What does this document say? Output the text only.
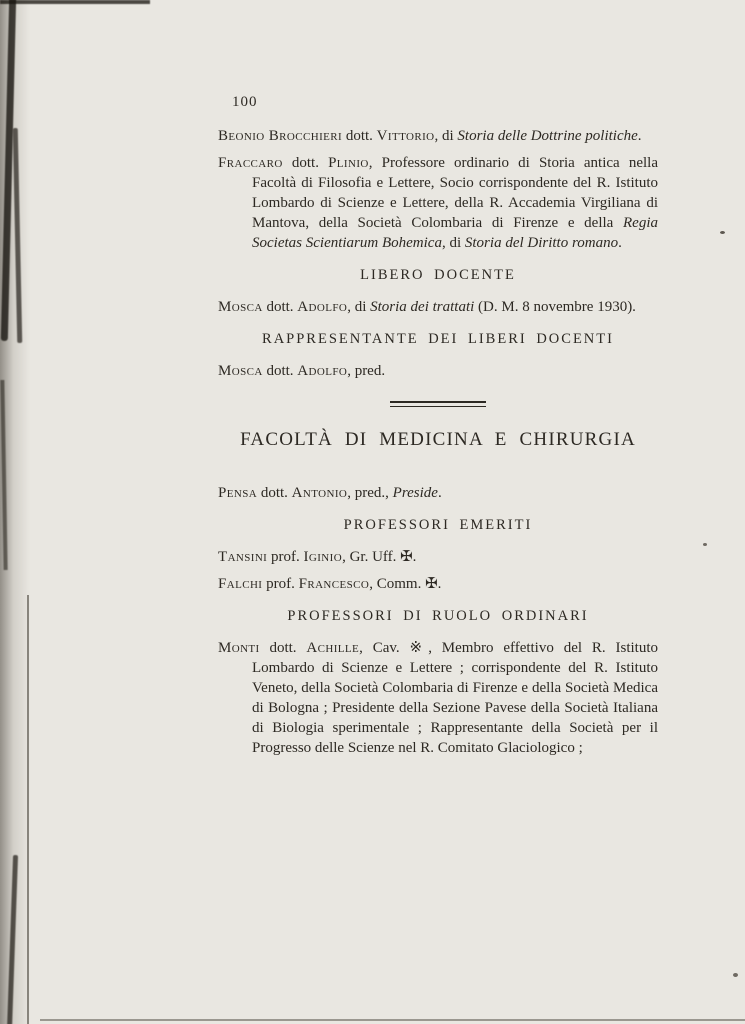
100

Beonio Brocchieri dott. Vittorio, di Storia delle Dottrine politiche.

Fraccaro dott. Plinio, Professore ordinario di Storia antica nella Facoltà di Filosofia e Lettere, Socio corrispondente del R. Istituto Lombardo di Scienze e Lettere, della R. Accademia Virgiliana di Mantova, della Società Colombaria di Firenze e della Regia Societas Scientiarum Bohemica, di Storia del Diritto romano.

LIBERO DOCENTE

Mosca dott. Adolfo, di Storia dei trattati (D. M. 8 novembre 1930).

RAPPRESENTANTE DEI LIBERI DOCENTI

Mosca dott. Adolfo, pred.

FACOLTÀ DI MEDICINA E CHIRURGIA

Pensa dott. Antonio, pred., Preside.

PROFESSORI EMERITI

Tansini prof. Iginio, Gr. Uff. ✠.

Falchi prof. Francesco, Comm. ✠.

PROFESSORI DI RUOLO ORDINARI

Monti dott. Achille, Cav. ※, Membro effettivo del R. Istituto Lombardo di Scienze e Lettere ; corrispondente del R. Istituto Veneto, della Società Colombaria di Firenze e della Società Medica di Bologna ; Presidente della Sezione Pavese della Società Italiana di Biologia sperimentale ; Rappresentante della Società per il Progresso delle Scienze nel R. Comitato Glaciologico ;
